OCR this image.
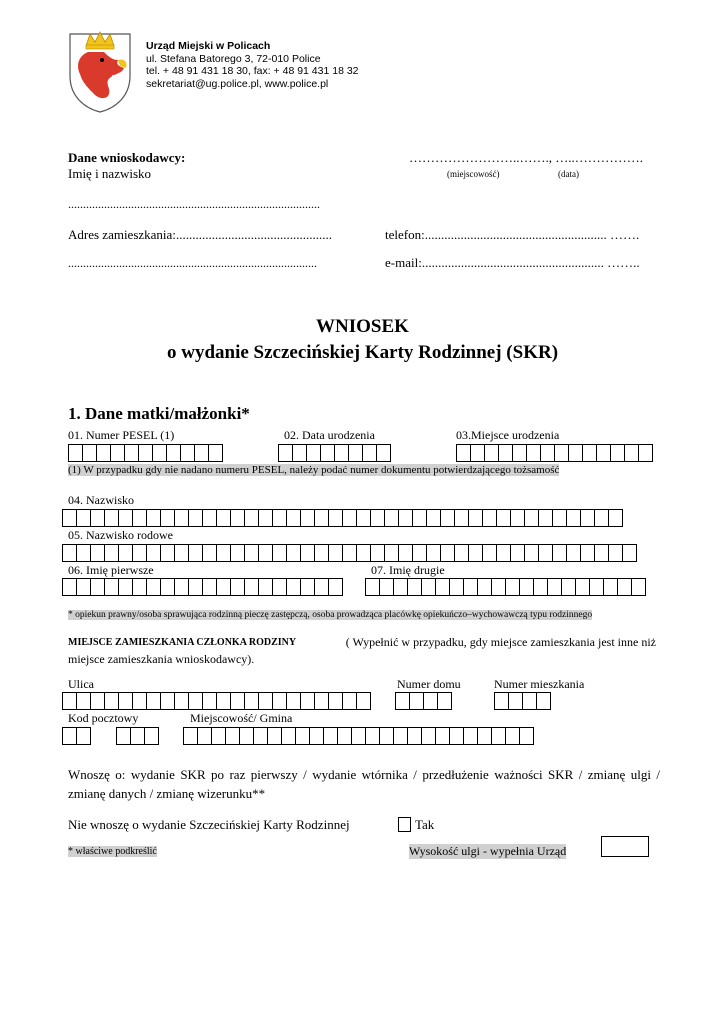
Urząd Miejski w Policach
ul. Stefana Batorego 3, 72-010 Police
tel. + 48 91 431 18 30, fax: + 48 91 431 18 32
sekretariat@ug.police.pl, www.police.pl
Dane wnioskodawcy:
Imię i nazwisko
……………………..……., …..…………….
(miejscowość)	(data)
....................................................................................
Adres zamieszkania:................................................	telefon:........................................................ …….
...................................................................................	e-mail:........................................................ ……..
WNIOSEK
o wydanie Szczecińskiej Karty Rodzinnej (SKR)
1. Dane matki/małżonki*
01. Numer PESEL (1)	02. Data urodzenia	03.Miejsce urodzenia
(1) W przypadku gdy nie nadano numeru PESEL, należy podać numer dokumentu potwierdzającego tożsamość
04. Nazwisko
05. Nazwisko rodowe
06. Imię pierwsze	07. Imię drugie
* opiekun prawny/osoba sprawująca rodzinną pieczę zastępczą, osoba prowadząca placówkę opiekuńczo–wychowawczą typu rodzinnego
MIEJSCE ZAMIESZKANIA CZŁONKA RODZINY	( Wypełnić w przypadku, gdy miejsce zamieszkania jest inne niż
miejsce zamieszkania wnioskodawcy).
Ulica	Numer domu	Numer mieszkania
Kod pocztowy	Miejscowość/ Gmina
Wnoszę o: wydanie SKR po raz pierwszy / wydanie wtórnika / przedłużenie ważności SKR / zmianę ulgi /
zmianę danych / zmianę wizerunku**
Nie wnoszę o wydanie Szczecińskiej Karty Rodzinnej	Tak
* właściwe podkreślić	Wysokość ulgi - wypełnia Urząd
